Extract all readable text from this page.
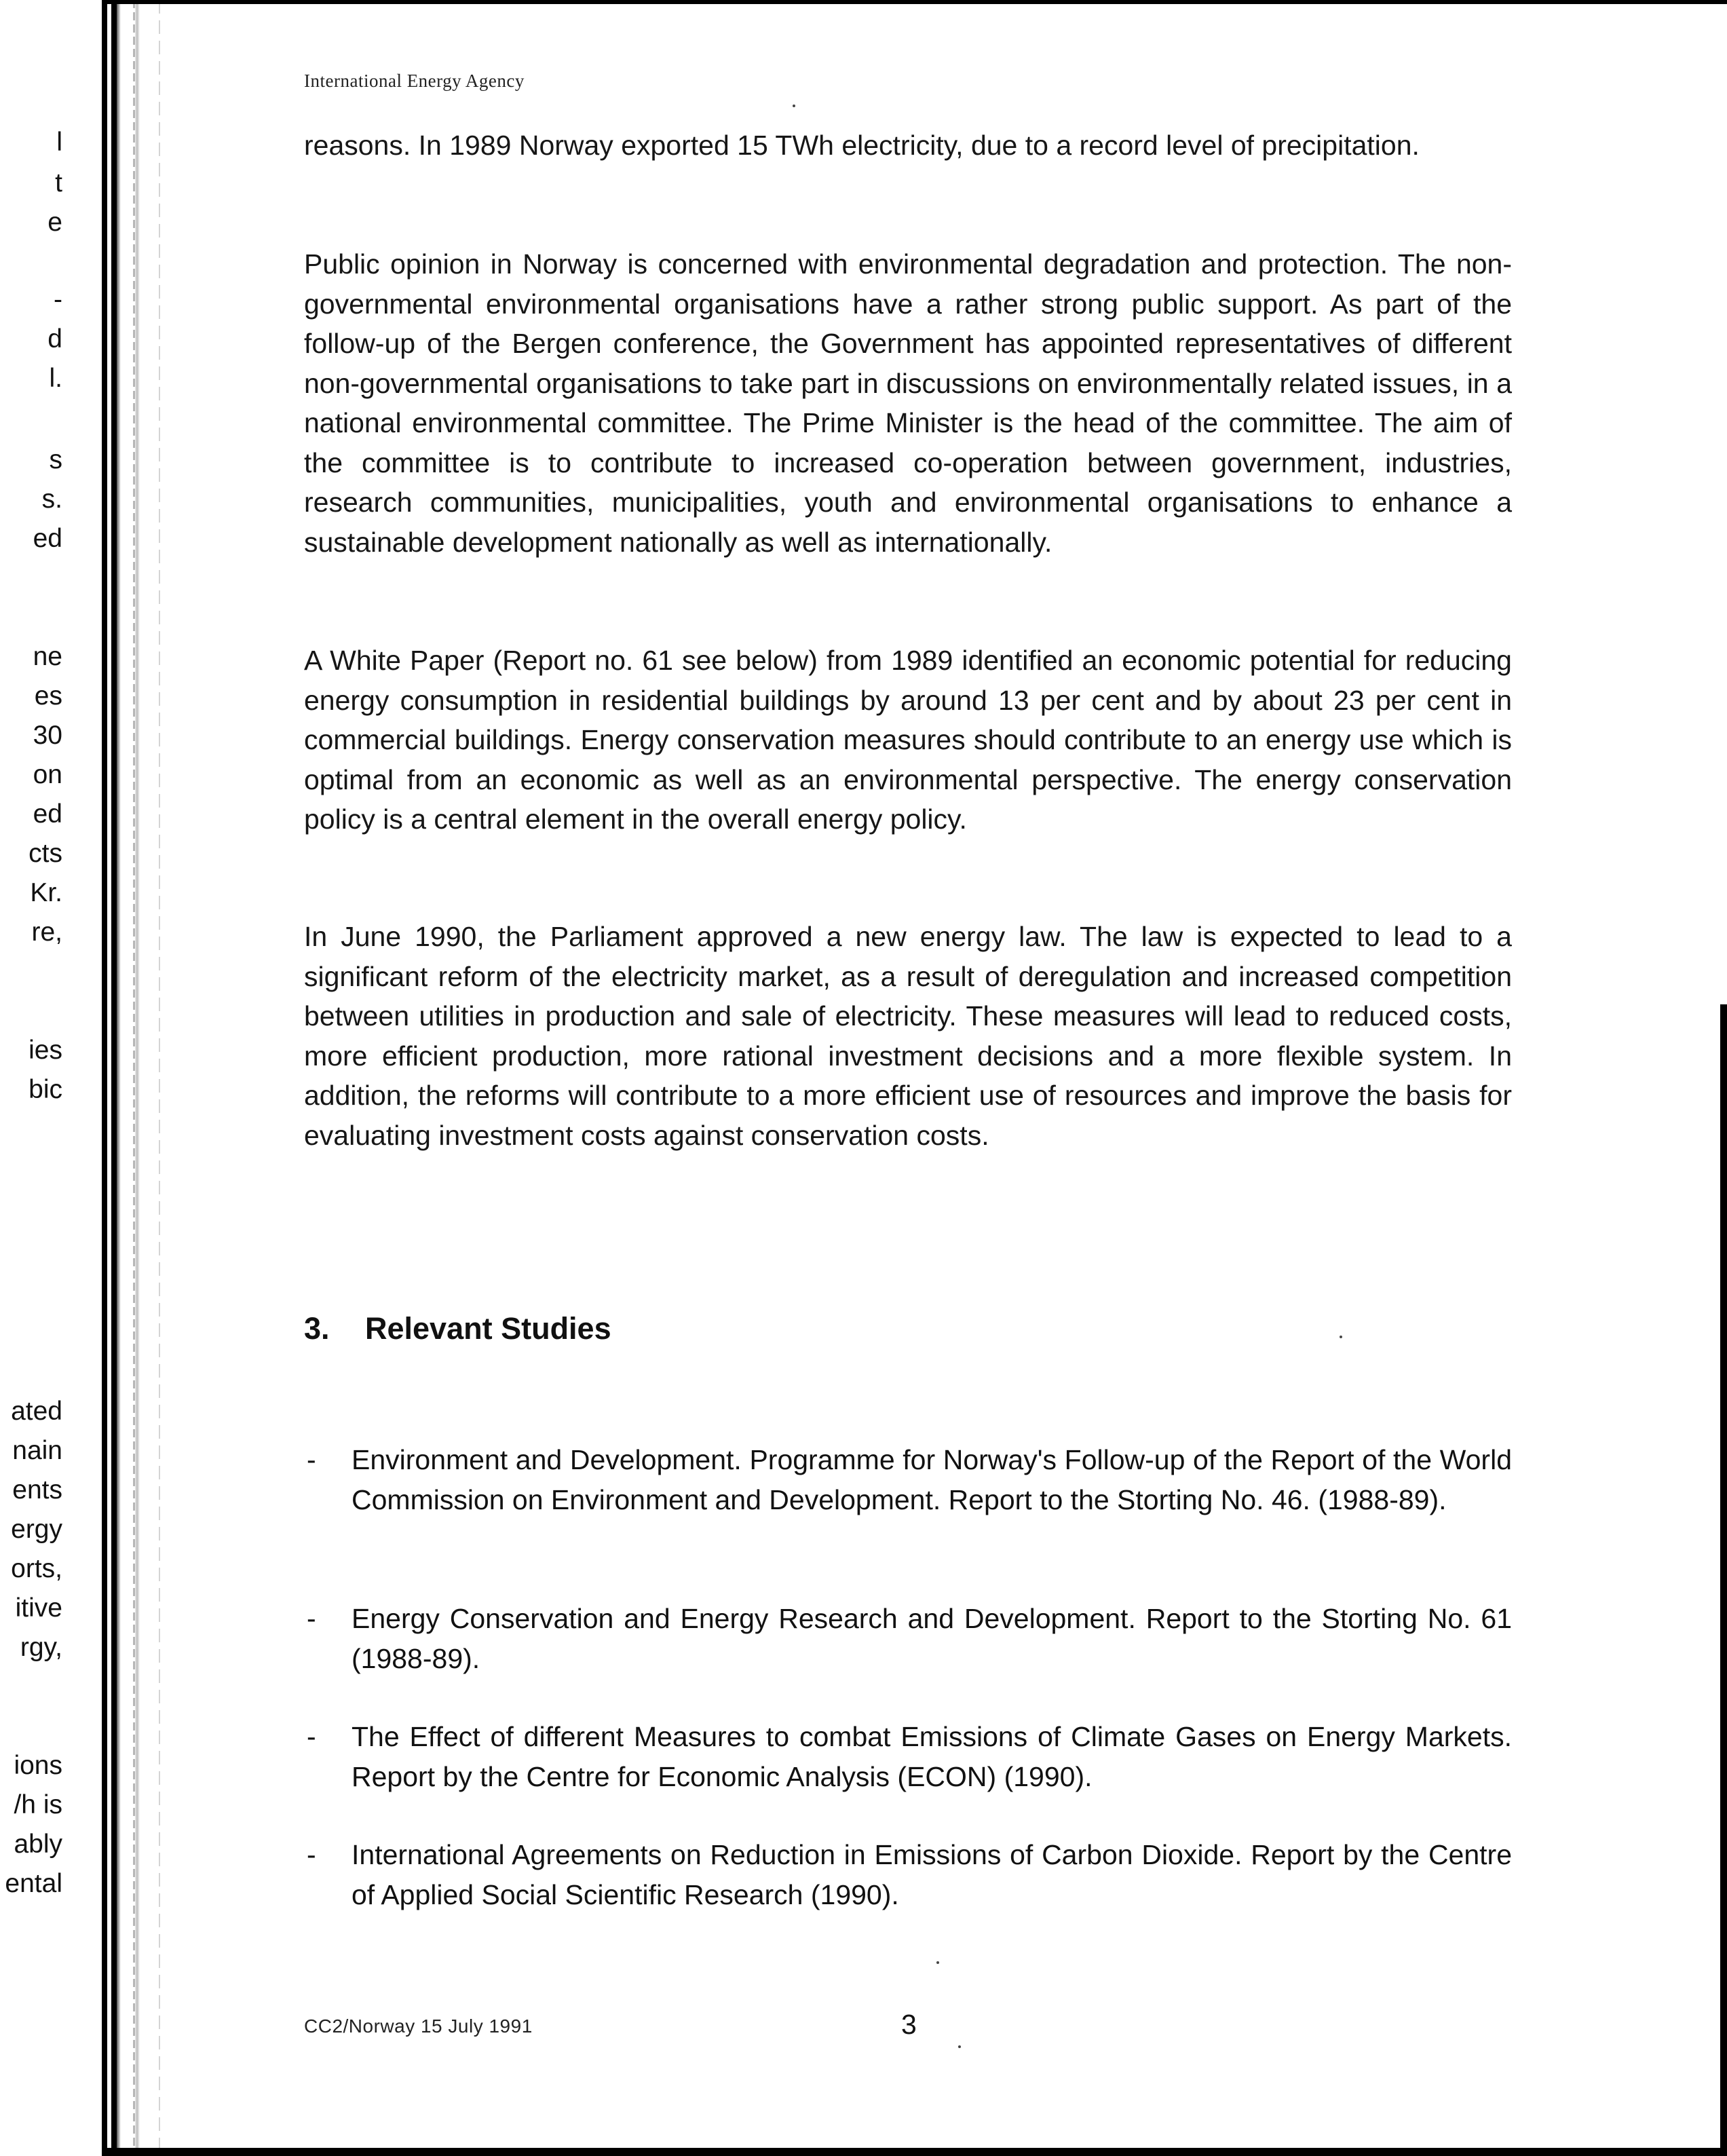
l
t
e
-
d
l.
s
s.
ed
ne
es
30
on
ed
cts
Kr.
re,
ies
bic
ated
nain
ents
ergy
orts,
itive
rgy,
ions
/h is
ably
ental
International Energy Agency

reasons. In 1989 Norway exported 15 TWh electricity, due to a record level of precipitation.

Public opinion in Norway is concerned with environmental degradation and protection. The non-governmental environmental organisations have a rather strong public support. As part of the follow-up of the Bergen conference, the Government has appointed representatives of different non-governmental organisations to take part in discussions on environmentally related issues, in a national environmental committee. The Prime Minister is the head of the committee. The aim of the committee is to contribute to increased co-operation between government, industries, research communities, municipalities, youth and environmental organisations to enhance a sustainable development nationally as well as internationally.

A White Paper (Report no. 61 see below) from 1989 identified an economic potential for reducing energy consumption in residential buildings by around 13 per cent and by about 23 per cent in commercial buildings. Energy conservation measures should contribute to an energy use which is optimal from an economic as well as an environmental perspective. The energy conservation policy is a central element in the overall energy policy.

In June 1990, the Parliament approved a new energy law. The law is expected to lead to a significant reform of the electricity market, as a result of deregulation and increased competition between utilities in production and sale of electricity. These measures will lead to reduced costs, more efficient production, more rational investment decisions and a more flexible system. In addition, the reforms will contribute to a more efficient use of resources and improve the basis for evaluating investment costs against conservation costs.

3. Relevant Studies
- Environment and Development. Programme for Norway's Follow-up of the Report of the World Commission on Environment and Development. Report to the Storting No. 46. (1988-89).
- Energy Conservation and Energy Research and Development. Report to the Storting No. 61 (1988-89).
- The Effect of different Measures to combat Emissions of Climate Gases on Energy Markets. Report by the Centre for Economic Analysis (ECON) (1990).
- International Agreements on Reduction in Emissions of Carbon Dioxide. Report by the Centre of Applied Social Scientific Research (1990).
CC2/Norway 15 July 1991	3
